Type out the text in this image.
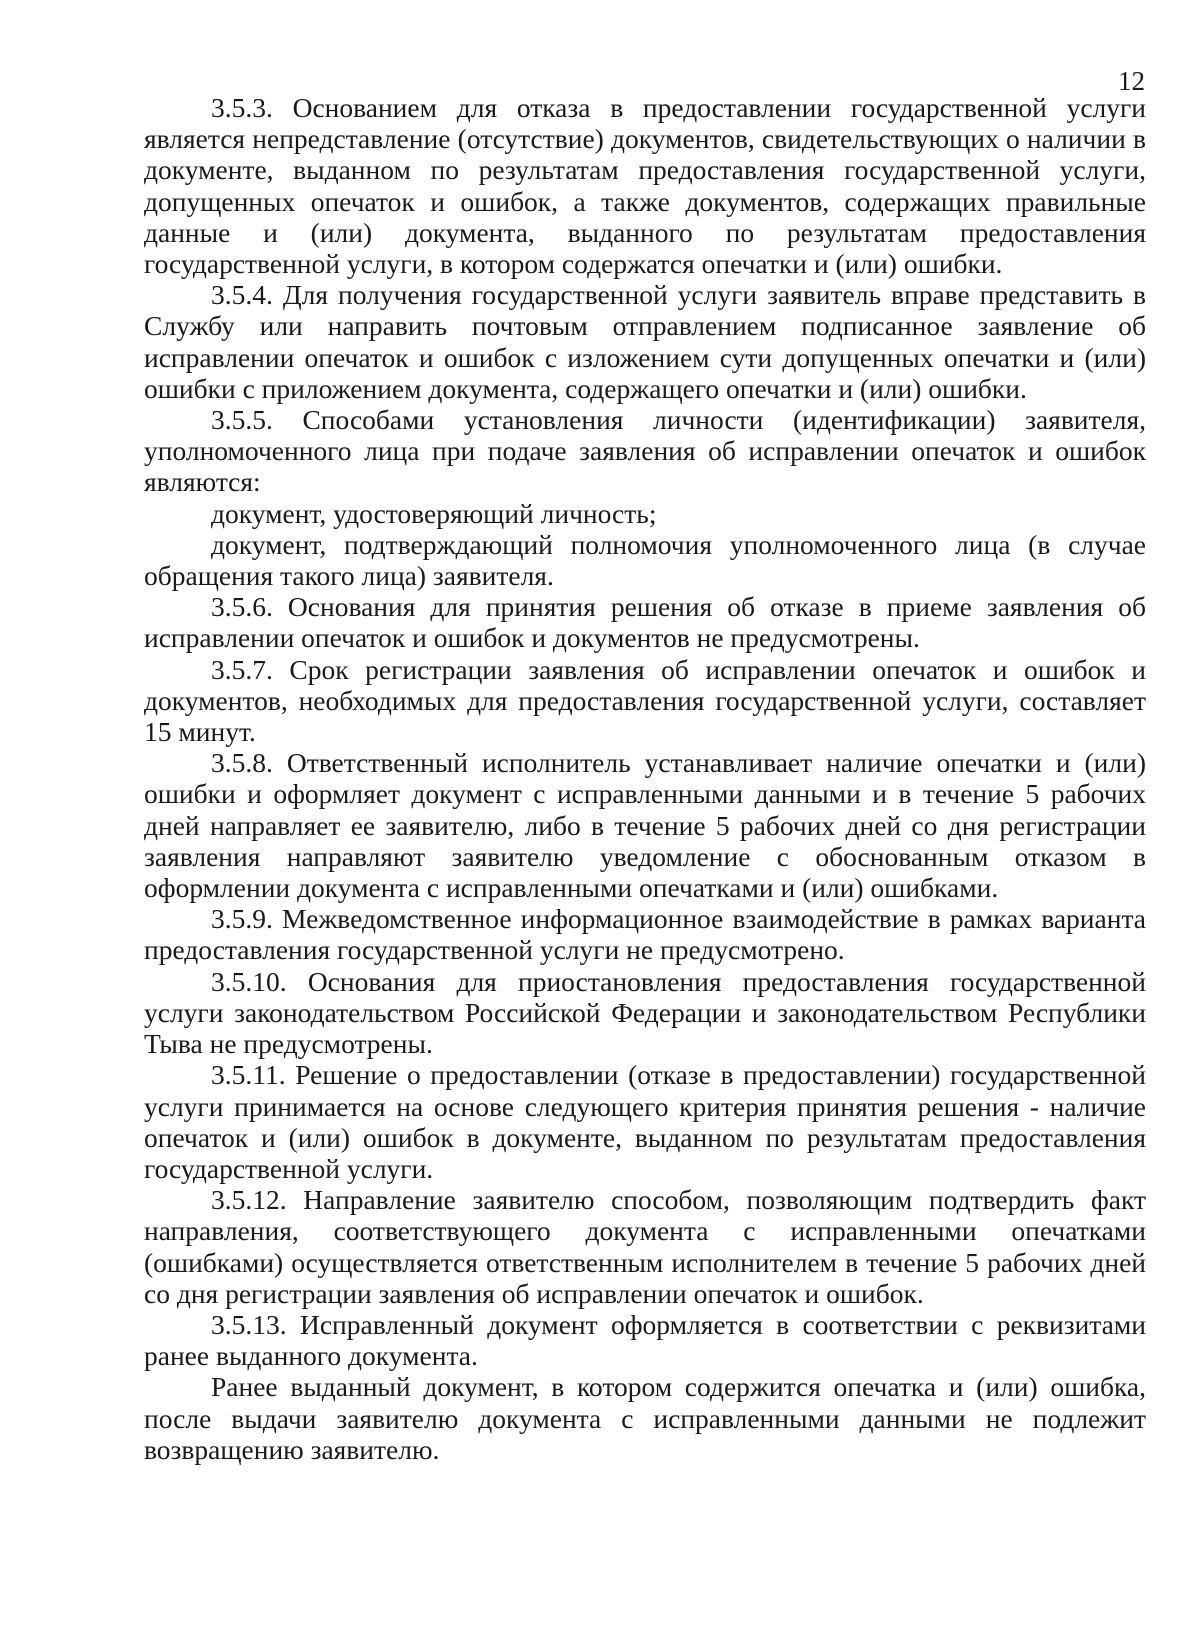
12

3.5.3. Основанием для отказа в предоставлении государственной услуги является непредставление (отсутствие) документов, свидетельствующих о наличии в документе, выданном по результатам предоставления государственной услуги, допущенных опечаток и ошибок, а также документов, содержащих правильные данные и (или) документа, выданного по результатам предоставления государственной услуги, в котором содержатся опечатки и (или) ошибки.

3.5.4. Для получения государственной услуги заявитель вправе представить в Службу или направить почтовым отправлением подписанное заявление об исправлении опечаток и ошибок с изложением сути допущенных опечатки и (или) ошибки с приложением документа, содержащего опечатки и (или) ошибки.

3.5.5. Способами установления личности (идентификации) заявителя, уполномоченного лица при подаче заявления об исправлении опечаток и ошибок являются:

документ, удостоверяющий личность;

документ, подтверждающий полномочия уполномоченного лица (в случае обращения такого лица) заявителя.

3.5.6. Основания для принятия решения об отказе в приеме заявления об исправлении опечаток и ошибок и документов не предусмотрены.

3.5.7. Срок регистрации заявления об исправлении опечаток и ошибок и документов, необходимых для предоставления государственной услуги, составляет 15 минут.

3.5.8. Ответственный исполнитель устанавливает наличие опечатки и (или) ошибки и оформляет документ с исправленными данными и в течение 5 рабочих дней направляет ее заявителю, либо в течение 5 рабочих дней со дня регистрации заявления направляют заявителю уведомление с обоснованным отказом в оформлении документа с исправленными опечатками и (или) ошибками.

3.5.9. Межведомственное информационное взаимодействие в рамках варианта предоставления государственной услуги не предусмотрено.

3.5.10. Основания для приостановления предоставления государственной услуги законодательством Российской Федерации и законодательством Республики Тыва не предусмотрены.

3.5.11. Решение о предоставлении (отказе в предоставлении) государственной услуги принимается на основе следующего критерия принятия решения - наличие опечаток и (или) ошибок в документе, выданном по результатам предоставления государственной услуги.

3.5.12. Направление заявителю способом, позволяющим подтвердить факт направления, соответствующего документа с исправленными опечатками (ошибками) осуществляется ответственным исполнителем в течение 5 рабочих дней со дня регистрации заявления об исправлении опечаток и ошибок.

3.5.13. Исправленный документ оформляется в соответствии с реквизитами ранее выданного документа.

Ранее выданный документ, в котором содержится опечатка и (или) ошибка, после выдачи заявителю документа с исправленными данными не подлежит возвращению заявителю.
